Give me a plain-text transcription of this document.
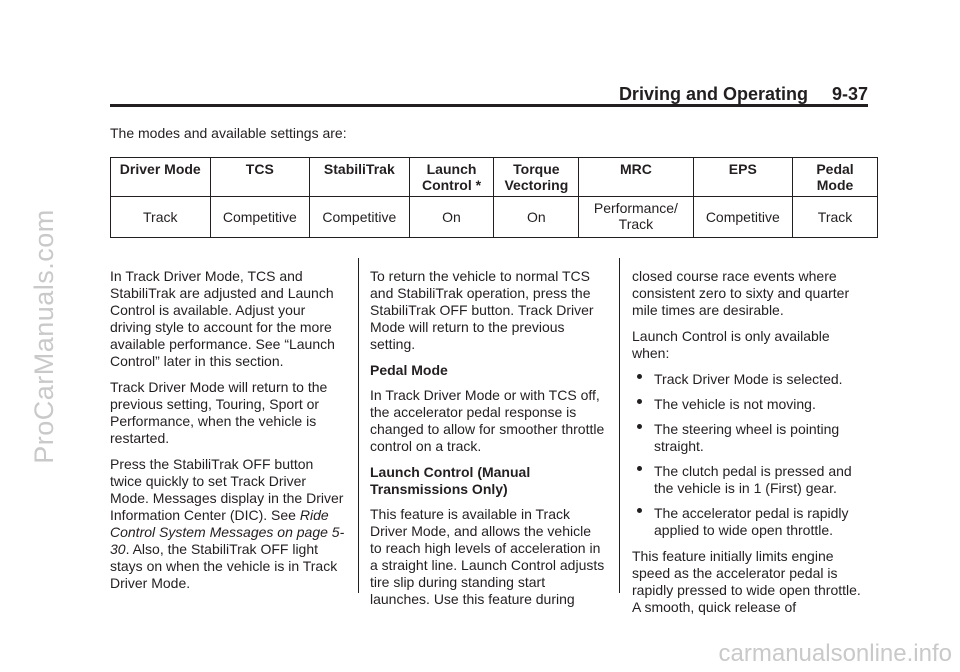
ProCarManuals.com
Driving and Operating 9-37
The modes and available settings are:
Driver Mode	TCS	StabiliTrak	Launch Control *	Torque Vectoring	MRC	EPS	Pedal Mode
Track	Competitive	Competitive	On	On	Performance/ Track	Competitive	Track

In Track Driver Mode, TCS and StabiliTrak are adjusted and Launch Control is available. Adjust your driving style to account for the more available performance. See “Launch Control” later in this section.

Track Driver Mode will return to the previous setting, Touring, Sport or Performance, when the vehicle is restarted.

Press the StabiliTrak OFF button twice quickly to set Track Driver Mode. Messages display in the Driver Information Center (DIC). See Ride Control System Messages on page 5-30. Also, the StabiliTrak OFF light stays on when the vehicle is in Track Driver Mode.

To return the vehicle to normal TCS and StabiliTrak operation, press the StabiliTrak OFF button. Track Driver Mode will return to the previous setting.

Pedal Mode

In Track Driver Mode or with TCS off, the accelerator pedal response is changed to allow for smoother throttle control on a track.

Launch Control (Manual Transmissions Only)

This feature is available in Track Driver Mode, and allows the vehicle to reach high levels of acceleration in a straight line. Launch Control adjusts tire slip during standing start launches. Use this feature during

closed course race events where consistent zero to sixty and quarter mile times are desirable.

Launch Control is only available when:

Track Driver Mode is selected.
The vehicle is not moving.
The steering wheel is pointing straight.
The clutch pedal is pressed and the vehicle is in 1 (First) gear.
The accelerator pedal is rapidly applied to wide open throttle.

This feature initially limits engine speed as the accelerator pedal is rapidly pressed to wide open throttle. A smooth, quick release of

carmanualsonline.info
